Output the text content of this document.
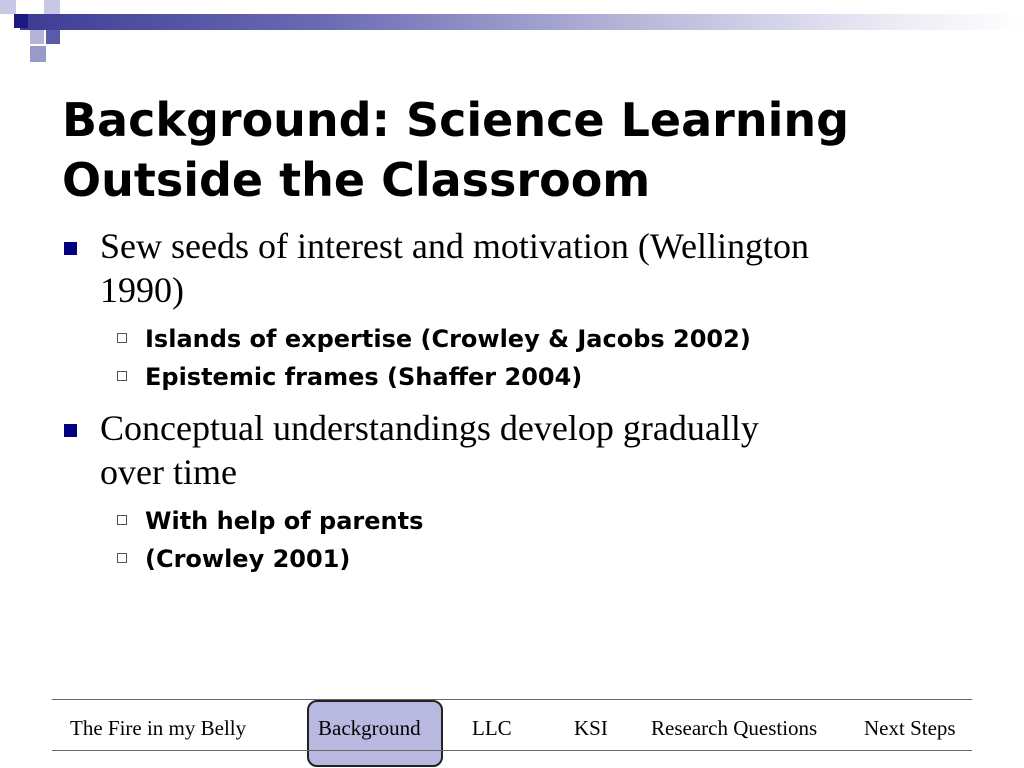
Background: Science Learning
Outside the Classroom

Sew seeds of interest and motivation (Wellington
1990)

Islands of expertise (Crowley & Jacobs 2002)

Epistemic frames (Shaffer 2004)

Conceptual understandings develop gradually
over time

With help of parents

(Crowley 2001)

The Fire in my Belly	Background LLC	KSI Research Questions Next Steps
